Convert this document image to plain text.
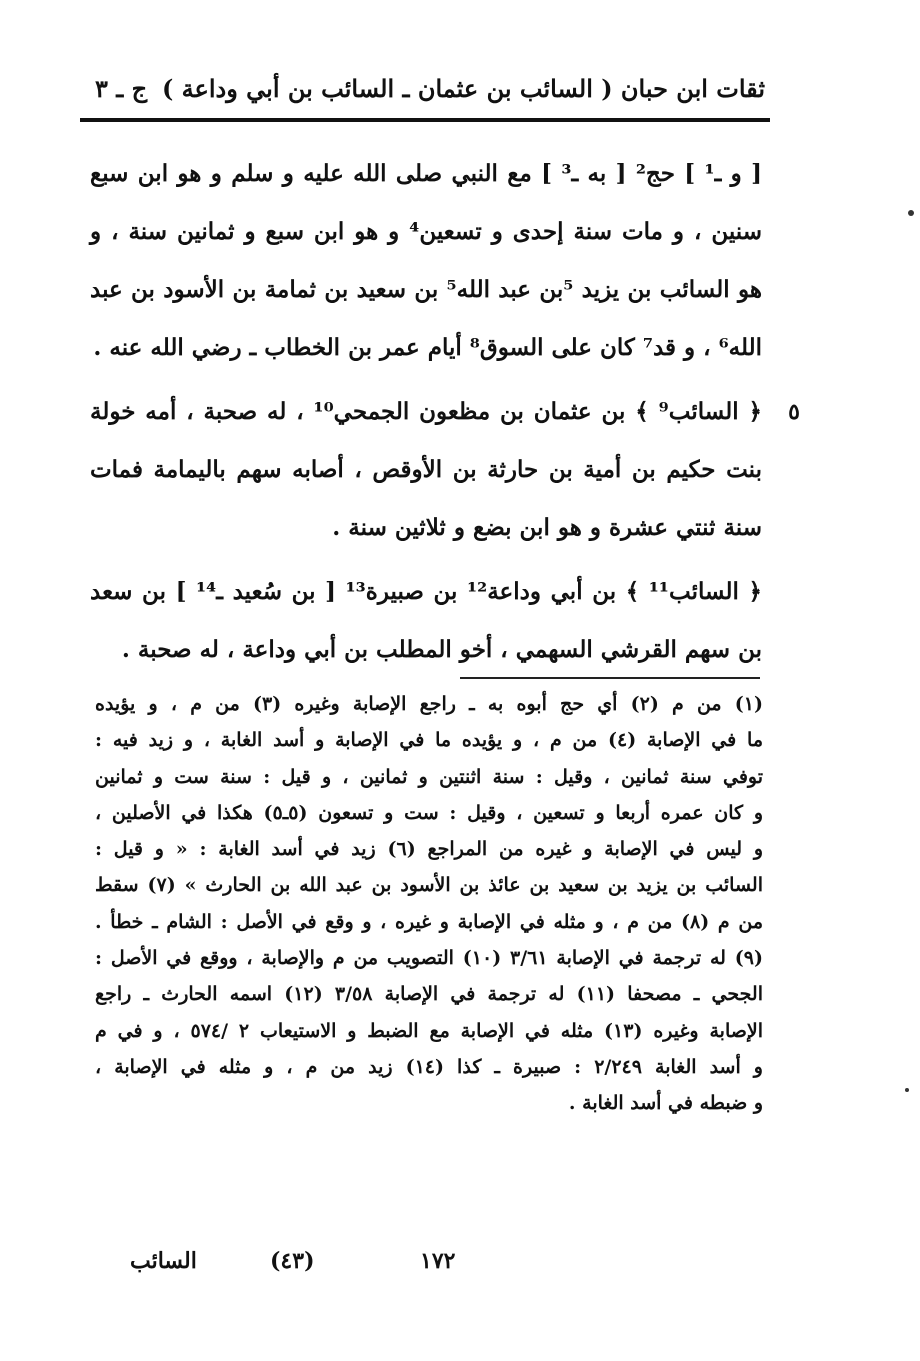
ثقات ابن حبان ( السائب بن عثمان ـ السائب بن أبي وداعة )
ج ـ ٣

[ و ـ¹ ] حج² [ به ـ³ ] مع النبي صلى الله عليه و سلم و هو ابن سبع سنين ، و مات سنة إحدى و تسعين⁴ و هو ابن سبع و ثمانين سنة ، و هو السائب بن يزيد ⁵بن عبد الله⁵ بن سعيد بن ثمامة بن الأسود بن عبد الله⁶ ، و قد⁷ كان على السوق⁸ أيام عمر بن الخطاب ـ رضي الله عنه .

٥
﴿ السائب⁹ ﴾ بن عثمان بن مظعون الجمحي¹⁰ ، له صحبة ، أمه خولة بنت حكيم بن أمية بن حارثة بن الأوقص ، أصابه سهم باليمامة فمات سنة ثنتي عشرة و هو ابن بضع و ثلاثين سنة .

﴿ السائب¹¹ ﴾ بن أبي وداعة¹² بن صبيرة¹³ [ بن سُعيد ـ¹⁴ ] بن سعد بن سهم القرشي السهمي ، أخو المطلب بن أبي وداعة ، له صحبة .

(١) من م (٢) أي حج أبوه به ـ راجع الإصابة وغيره (٣) من م ، و يؤيده

ما في الإصابة (٤) من م ، و يؤيده ما في الإصابة و أسد الغابة ، و زيد فيه :

توفي سنة ثمانين ، وقيل : سنة اثنتين و ثمانين ، و قيل : سنة ست و ثمانين

و كان عمره أربعا و تسعين ، وقيل : ست و تسعون (٥ـ٥) هكذا في الأصلين ،

و ليس في الإصابة و غيره من المراجع (٦) زيد في أسد الغابة : « و قيل :

السائب بن يزيد بن سعيد بن عائذ بن الأسود بن عبد الله بن الحارث » (٧) سقط

من م (٨) من م ، و مثله في الإصابة و غيره ، و وقع في الأصل : الشام ـ خطأ .

(٩) له ترجمة في الإصابة ٣/٦١ (١٠) التصويب من م والإصابة ، ووقع في الأصل :

الجحي ـ مصحفا (١١) له ترجمة في الإصابة ٣/٥٨ (١٢) اسمه الحارث ـ راجع

الإصابة وغيره (١٣) مثله في الإصابة مع الضبط و الاستيعاب ٢ /٥٧٤ ، و في م

و أسد الغابة ٢/٢٤٩ : صبيرة ـ كذا (١٤) زيد من م ، و مثله في الإصابة ،

و ضبطه في أسد الغابة .

١٧٢
(٤٣)
السائب
